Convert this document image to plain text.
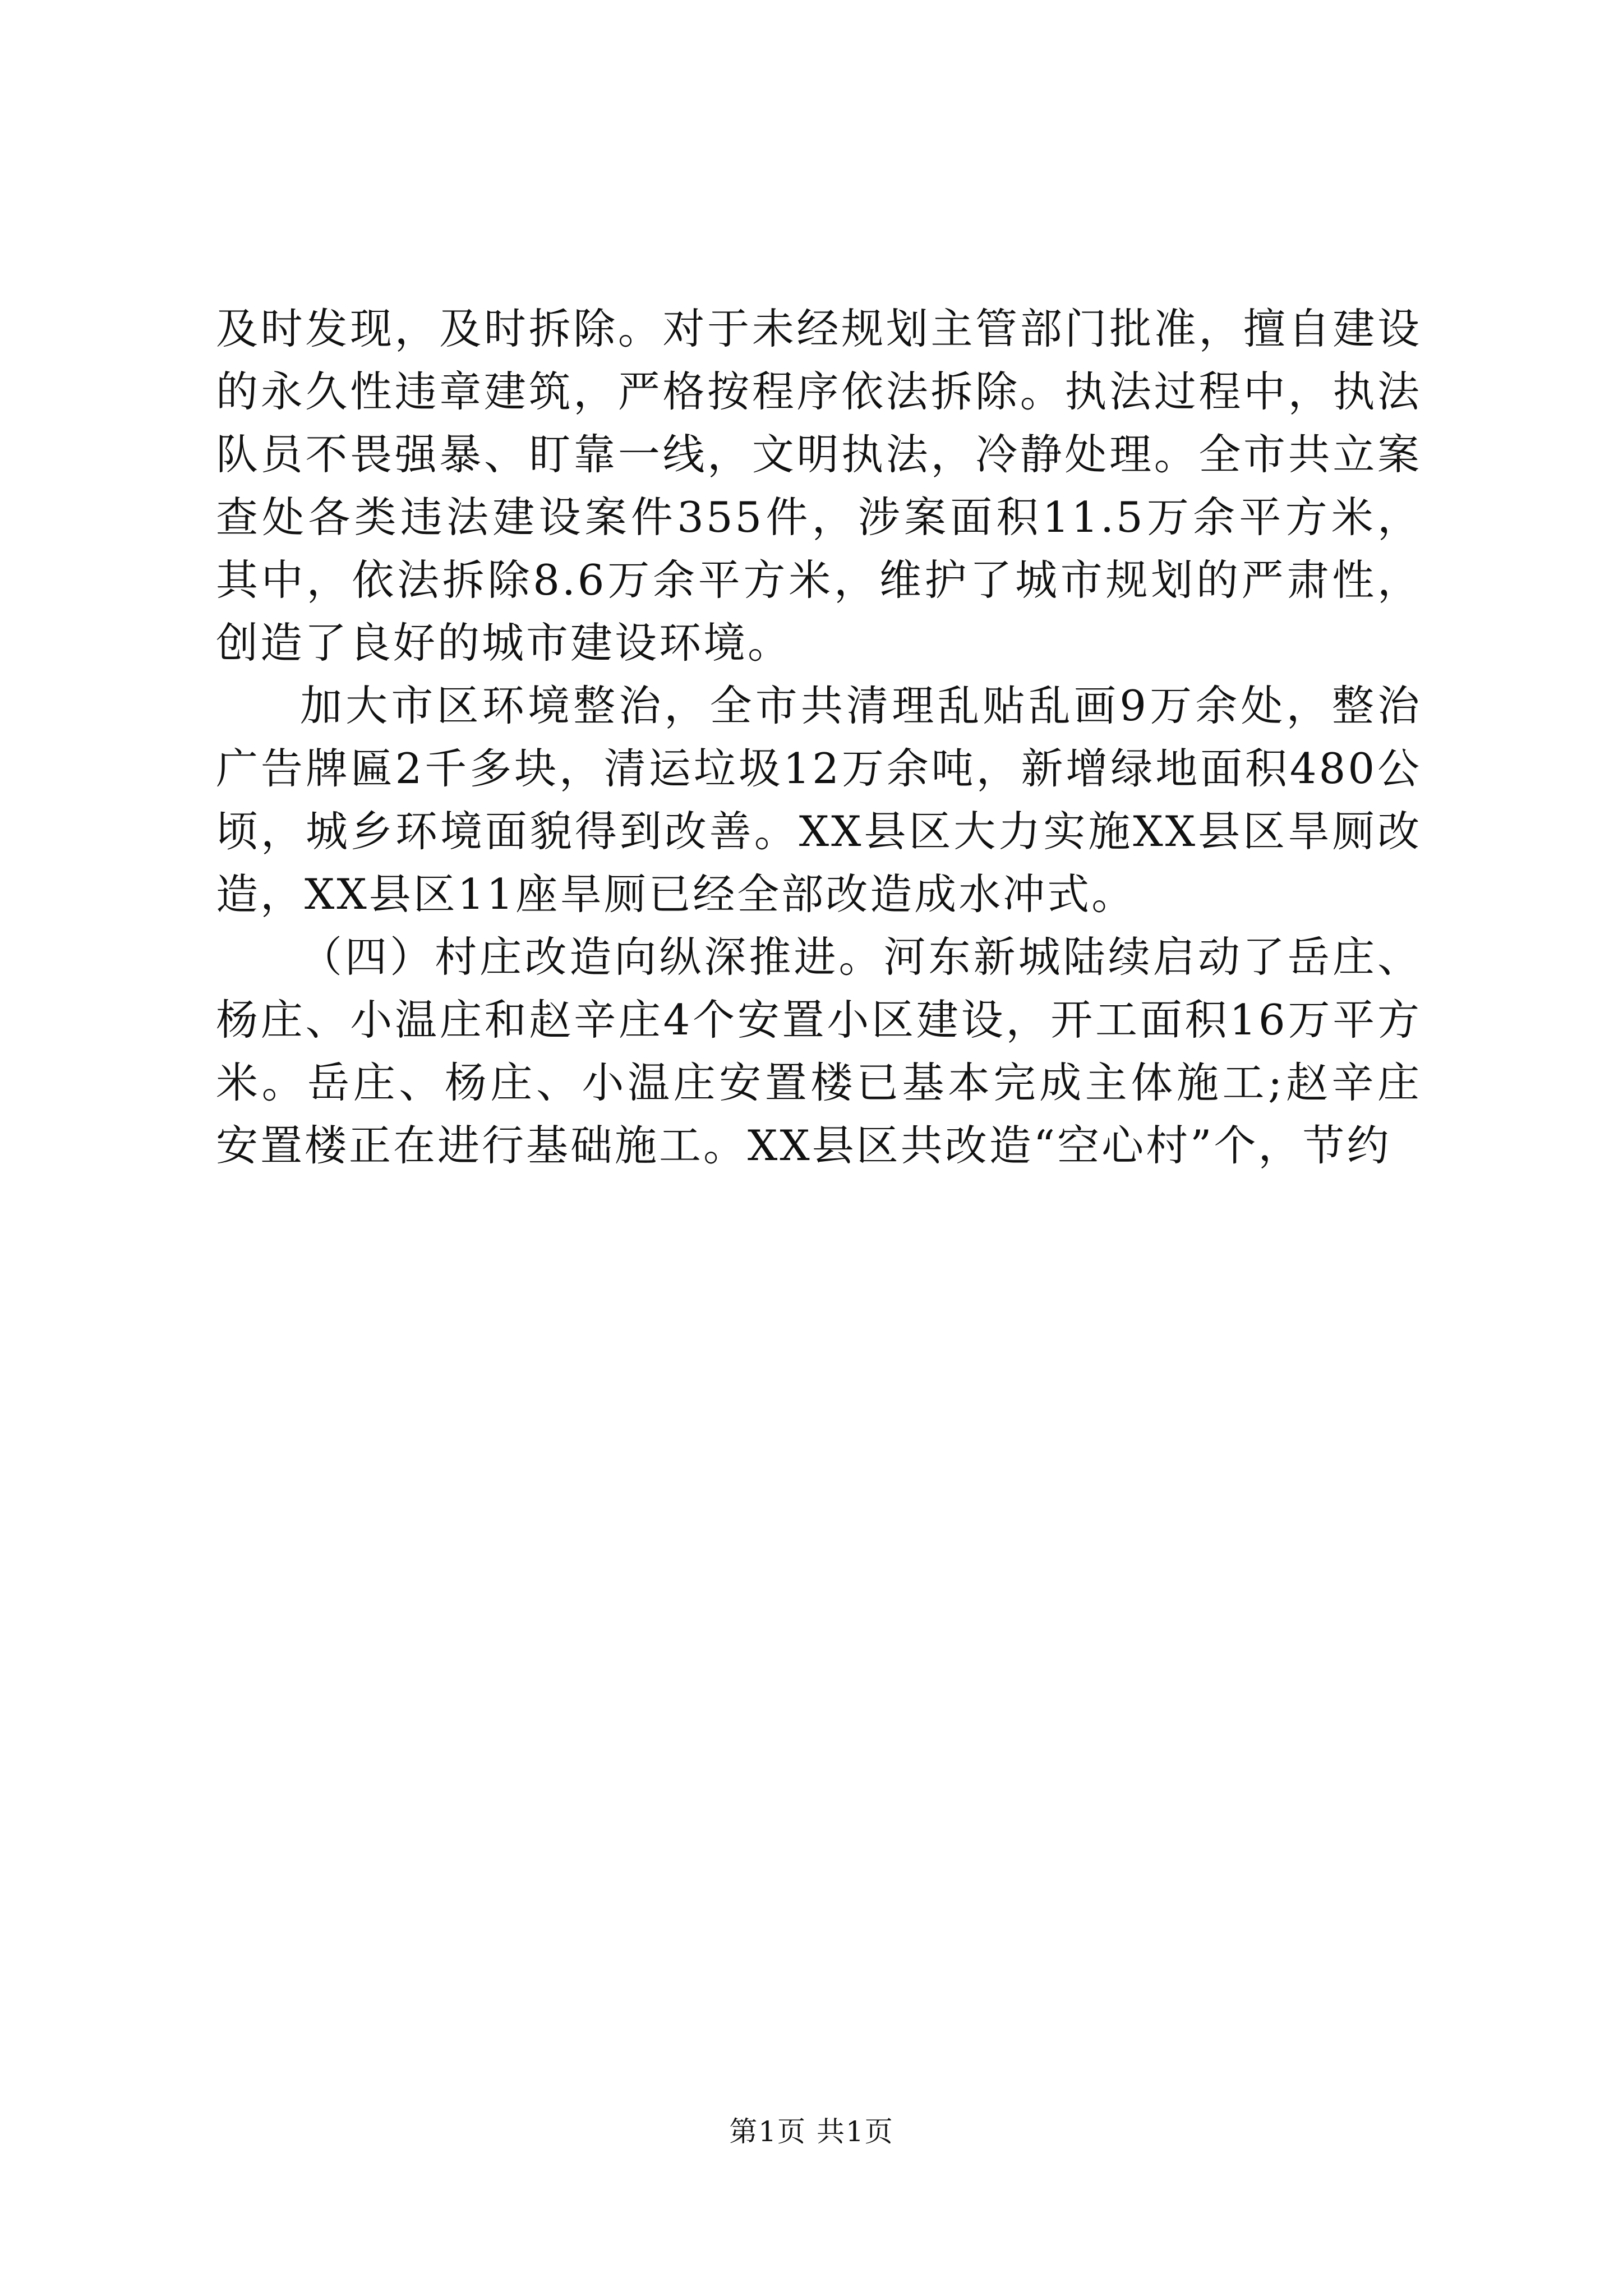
及时发现，及时拆除。对于未经规划主管部门批准，擅自建设的永久性违章建筑，严格按程序依法拆除。执法过程中，执法队员不畏强暴、盯靠一线，文明执法，冷静处理。全市共立案查处各类违法建设案件355件，涉案面积11.5万余平方米，其中，依法拆除8.6万余平方米，维护了城市规划的严肃性，创造了良好的城市建设环境。

加大市区环境整治，全市共清理乱贴乱画9万余处，整治广告牌匾2千多块，清运垃圾12万余吨，新增绿地面积480公顷，城乡环境面貌得到改善。XX县区大力实施XX县区旱厕改造，XX县区11座旱厕已经全部改造成水冲式。

（四）村庄改造向纵深推进。河东新城陆续启动了岳庄、杨庄、小温庄和赵辛庄4个安置小区建设，开工面积16万平方米。岳庄、杨庄、小温庄安置楼已基本完成主体施工;赵辛庄安置楼正在进行基础施工。XX县区共改造“空心村”个，节约

第1页 共1页
